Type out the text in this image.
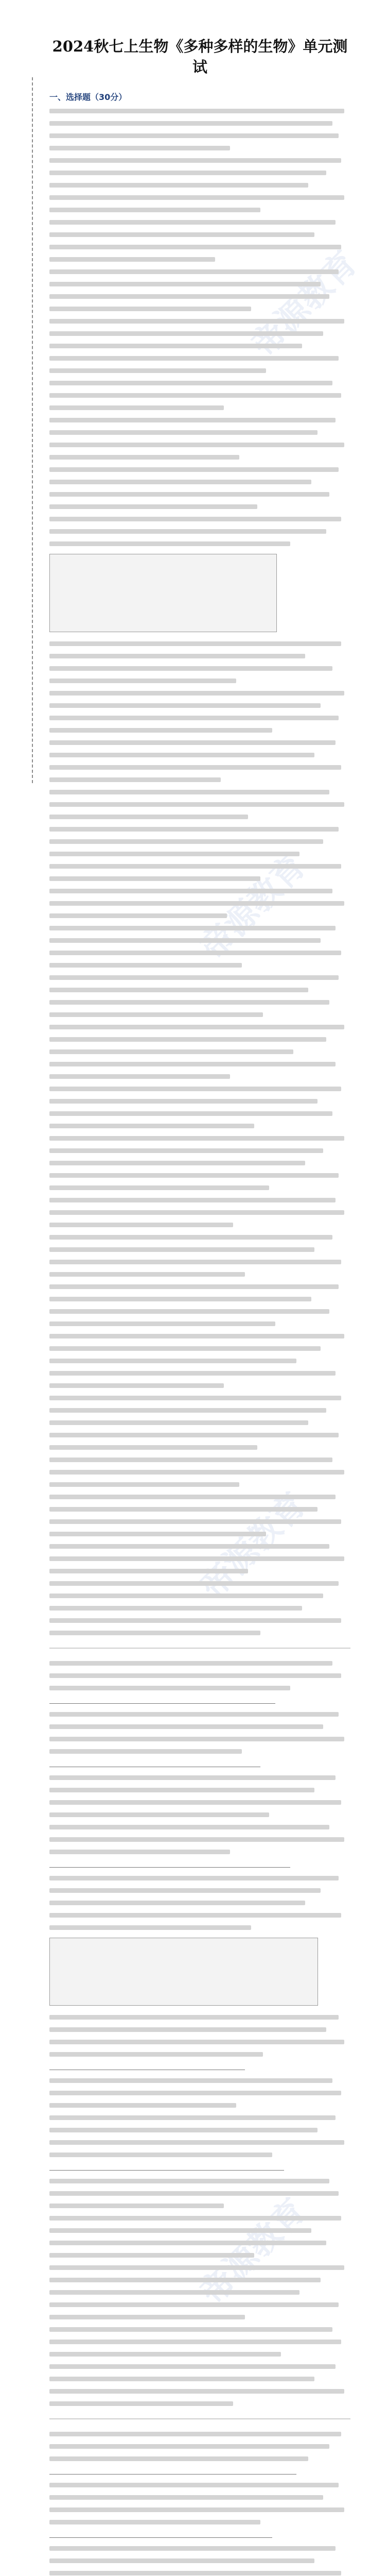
帝源教育
帝源教育
帝源教育
2024秋七上生物《多种多样的生物》单元测试
一、选择题（30分）
